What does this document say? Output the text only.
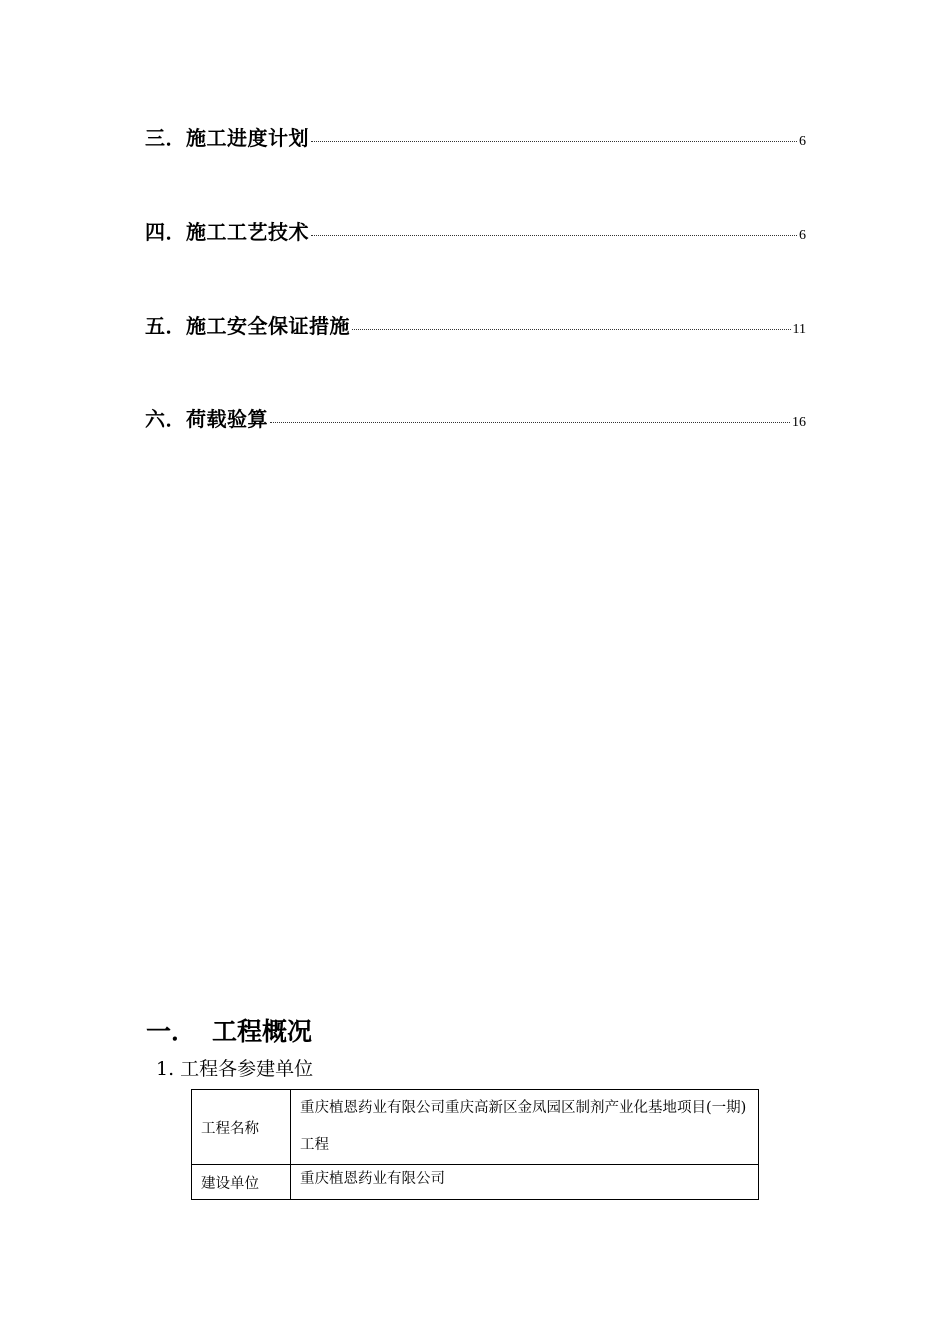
三．施工进度计划	6
四．施工工艺技术	6
五．施工安全保证措施	11
六．荷载验算	16
一． 工程概况
1. 工程各参建单位
工程名称	重庆植恩药业有限公司重庆高新区金凤园区制剂产业化基地项目(一期)工程
建设单位	重庆植恩药业有限公司
